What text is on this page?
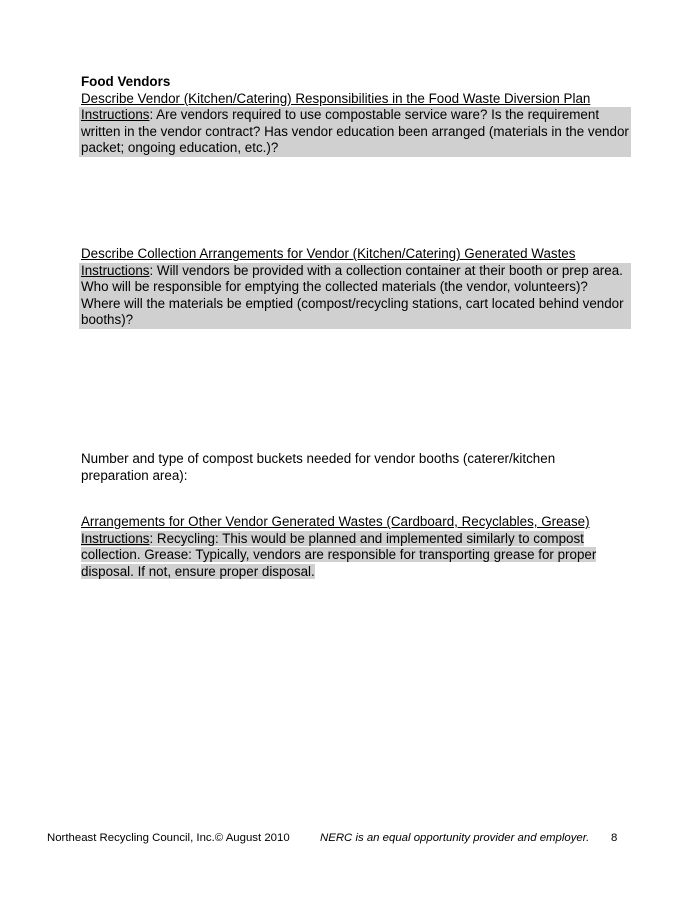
Food Vendors
Describe Vendor (Kitchen/Catering) Responsibilities in the Food Waste Diversion Plan
Instructions: Are vendors required to use compostable service ware? Is the requirement written in the vendor contract? Has vendor education been arranged (materials in the vendor packet; ongoing education, etc.)?
Describe Collection Arrangements for Vendor (Kitchen/Catering) Generated Wastes
Instructions: Will vendors be provided with a collection container at their booth or prep area. Who will be responsible for emptying the collected materials (the vendor, volunteers)? Where will the materials be emptied (compost/recycling stations, cart located behind vendor booths)?
Number and type of compost buckets needed for vendor booths (caterer/kitchen preparation area):
Arrangements for Other Vendor Generated Wastes (Cardboard, Recyclables, Grease)
Instructions: Recycling: This would be planned and implemented similarly to compost collection. Grease: Typically, vendors are responsible for transporting grease for proper disposal. If not, ensure proper disposal.
Northeast Recycling Council, Inc.© August 2010	NERC is an equal opportunity provider and employer. 8
